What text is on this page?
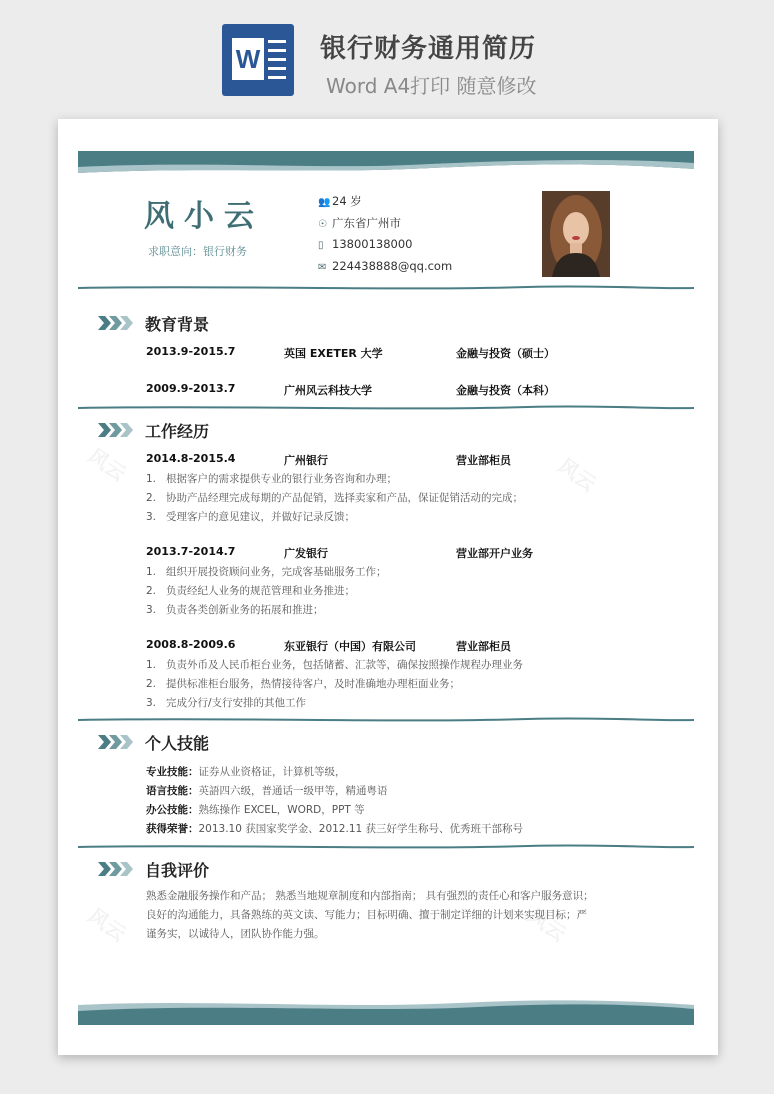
W 银行财务通用简历
Word A4打印 随意修改
风云	风云
风云	风云
风小云
求职意向：银行财务
👥 24 岁
☉ 广东省广州市
▯ 13800138000
✉ 224438888@qq.com
教育背景
2013.9-2015.7	英国 EXETER 大学	金融与投资（硕士）
2009.9-2013.7	广州风云科技大学	金融与投资（本科）
工作经历
2014.8-2015.4	广州银行	营业部柜员
1. 根据客户的需求提供专业的银行业务咨询和办理；
2. 协助产品经理完成每期的产品促销，选择卖家和产品，保证促销活动的完成；
3. 受理客户的意见建议，并做好记录反馈；
2013.7-2014.7	广发银行	营业部开户业务
1. 组织开展投资顾问业务，完成客基础服务工作；
2. 负责经纪人业务的规范管理和业务推进；
3. 负责各类创新业务的拓展和推进；
2008.8-2009.6	东亚银行（中国）有限公司	营业部柜员
1. 负责外币及人民币柜台业务，包括储蓄、汇款等，确保按照操作规程办理业务
2. 提供标准柜台服务，热情接待客户，及时准确地办理柜面业务；
3. 完成分行/支行安排的其他工作
个人技能
专业技能：证券从业资格证，计算机等级，
语言技能：英語四六级，普通话一级甲等，精通粤语
办公技能：熟练操作 EXCEL，WORD，PPT 等
获得荣誉：2013.10 获国家奖学金、2012.11 获三好学生称号、优秀班干部称号
自我评价
熟悉金融服务操作和产品； 熟悉当地规章制度和内部指南； 具有强烈的责任心和客户服务意识； 良好的沟通能力，具备熟练的英文读、写能力；目标明确、擅于制定详细的计划来实现目标；严谨务实，以诚待人，团队协作能力强。
